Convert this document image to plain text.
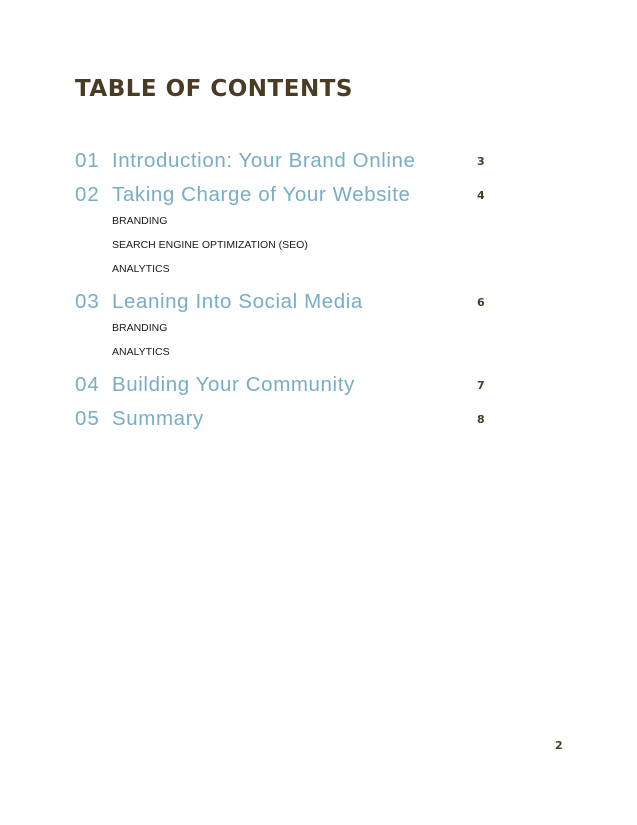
TABLE OF CONTENTS
01 Introduction: Your Brand Online	3
02 Taking Charge of Your Website	4
BRANDING
SEARCH ENGINE OPTIMIZATION (SEO)
ANALYTICS
03 Leaning Into Social Media	6
BRANDING
ANALYTICS
04 Building Your Community	7
05 Summary	8
2
